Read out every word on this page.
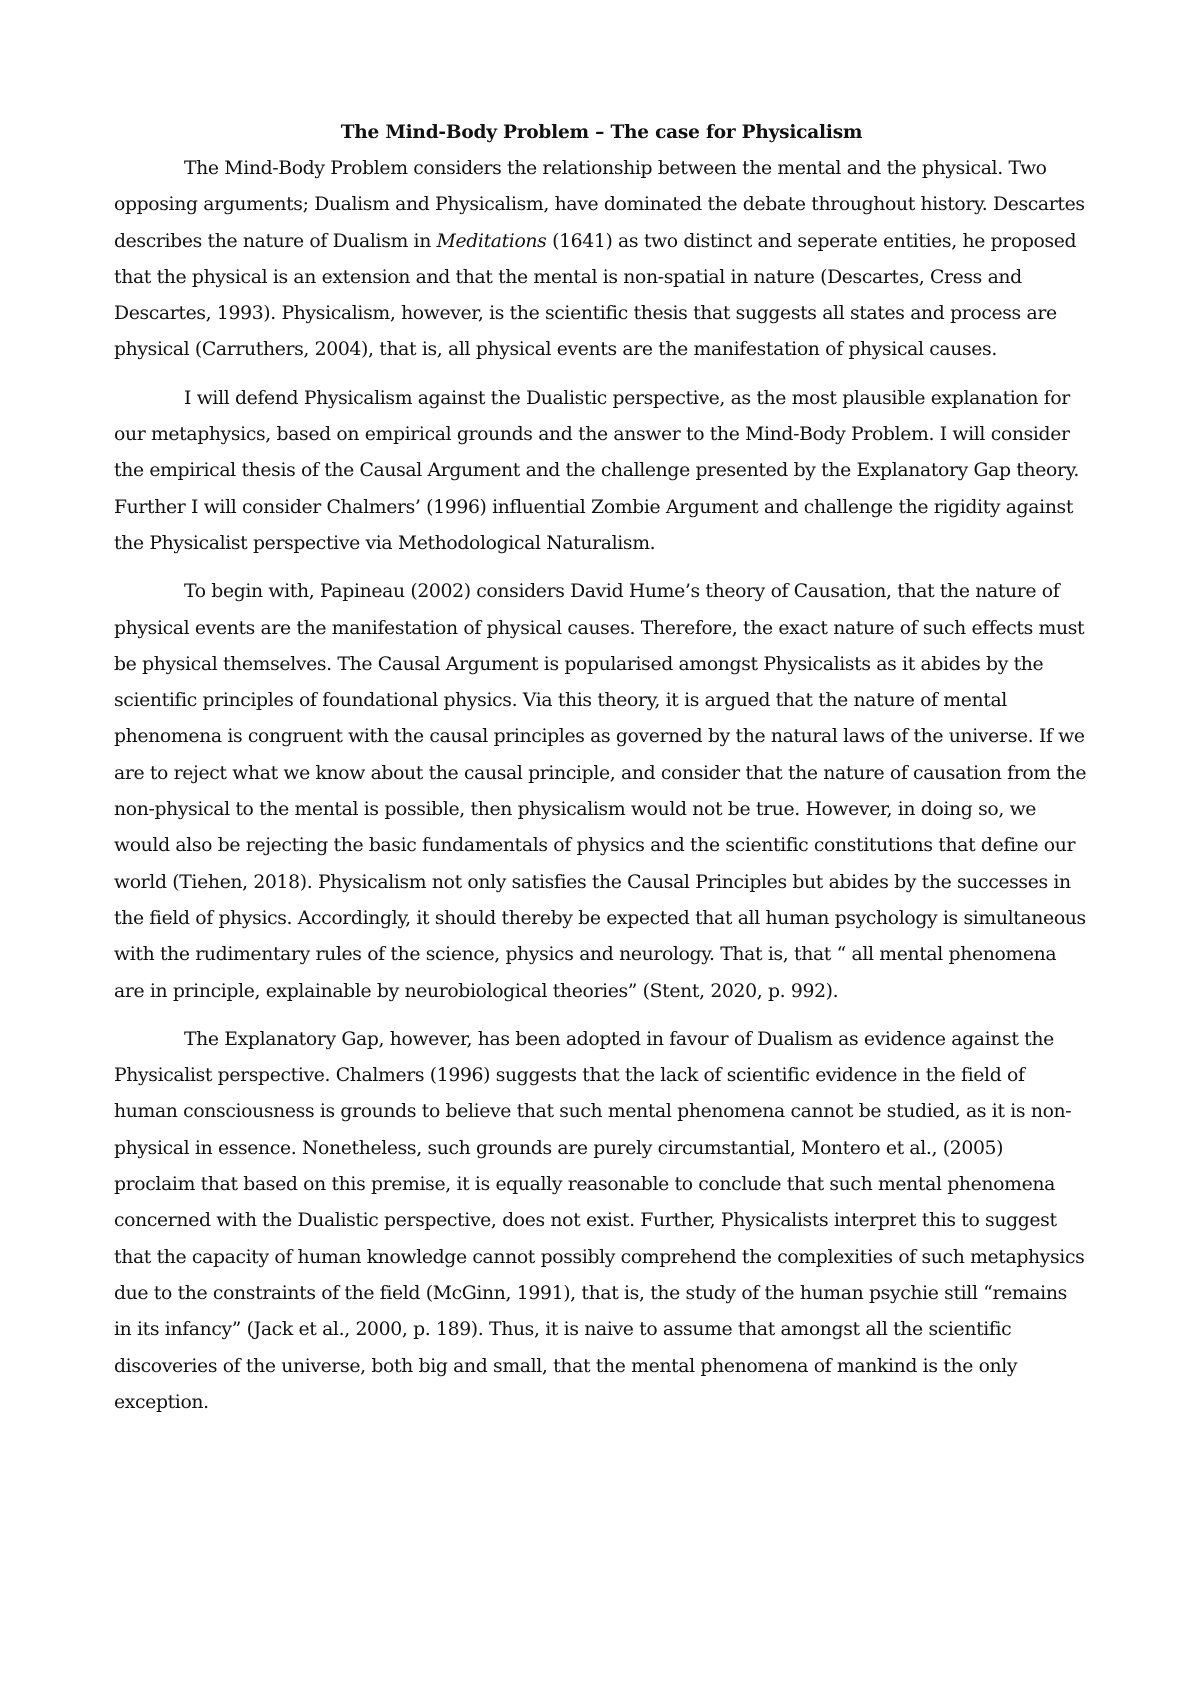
The Mind-Body Problem – The case for Physicalism

The Mind-Body Problem considers the relationship between the mental and the physical. Two opposing arguments; Dualism and Physicalism, have dominated the debate throughout history. Descartes describes the nature of Dualism in Meditations (1641) as two distinct and seperate entities, he proposed that the physical is an extension and that the mental is non-spatial in nature (Descartes, Cress and Descartes, 1993). Physicalism, however, is the scientific thesis that suggests all states and process are physical (Carruthers, 2004), that is, all physical events are the manifestation of physical causes.

I will defend Physicalism against the Dualistic perspective, as the most plausible explanation for our metaphysics, based on empirical grounds and the answer to the Mind-Body Problem. I will consider the empirical thesis of the Causal Argument and the challenge presented by the Explanatory Gap theory. Further I will consider Chalmers’ (1996) influential Zombie Argument and challenge the rigidity against the Physicalist perspective via Methodological Naturalism.

To begin with, Papineau (2002) considers David Hume’s theory of Causation, that the nature of physical events are the manifestation of physical causes. Therefore, the exact nature of such effects must be physical themselves. The Causal Argument is popularised amongst Physicalists as it abides by the scientific principles of foundational physics. Via this theory, it is argued that the nature of mental phenomena is congruent with the causal principles as governed by the natural laws of the universe. If we are to reject what we know about the causal principle, and consider that the nature of causation from the non-physical to the mental is possible, then physicalism would not be true. However, in doing so, we would also be rejecting the basic fundamentals of physics and the scientific constitutions that define our world (Tiehen, 2018). Physicalism not only satisfies the Causal Principles but abides by the successes in the field of physics. Accordingly, it should thereby be expected that all human psychology is simultaneous with the rudimentary rules of the science, physics and neurology. That is, that “ all mental phenomena are in principle, explainable by neurobiological theories” (Stent, 2020, p. 992).

The Explanatory Gap, however, has been adopted in favour of Dualism as evidence against the Physicalist perspective. Chalmers (1996) suggests that the lack of scientific evidence in the field of human consciousness is grounds to believe that such mental phenomena cannot be studied, as it is non-physical in essence. Nonetheless, such grounds are purely circumstantial, Montero et al., (2005) proclaim that based on this premise, it is equally reasonable to conclude that such mental phenomena concerned with the Dualistic perspective, does not exist. Further, Physicalists interpret this to suggest that the capacity of human knowledge cannot possibly comprehend the complexities of such metaphysics due to the constraints of the field (McGinn, 1991), that is, the study of the human psychie still “remains in its infancy” (Jack et al., 2000, p. 189). Thus, it is naive to assume that amongst all the scientific discoveries of the universe, both big and small, that the mental phenomena of mankind is the only exception.
